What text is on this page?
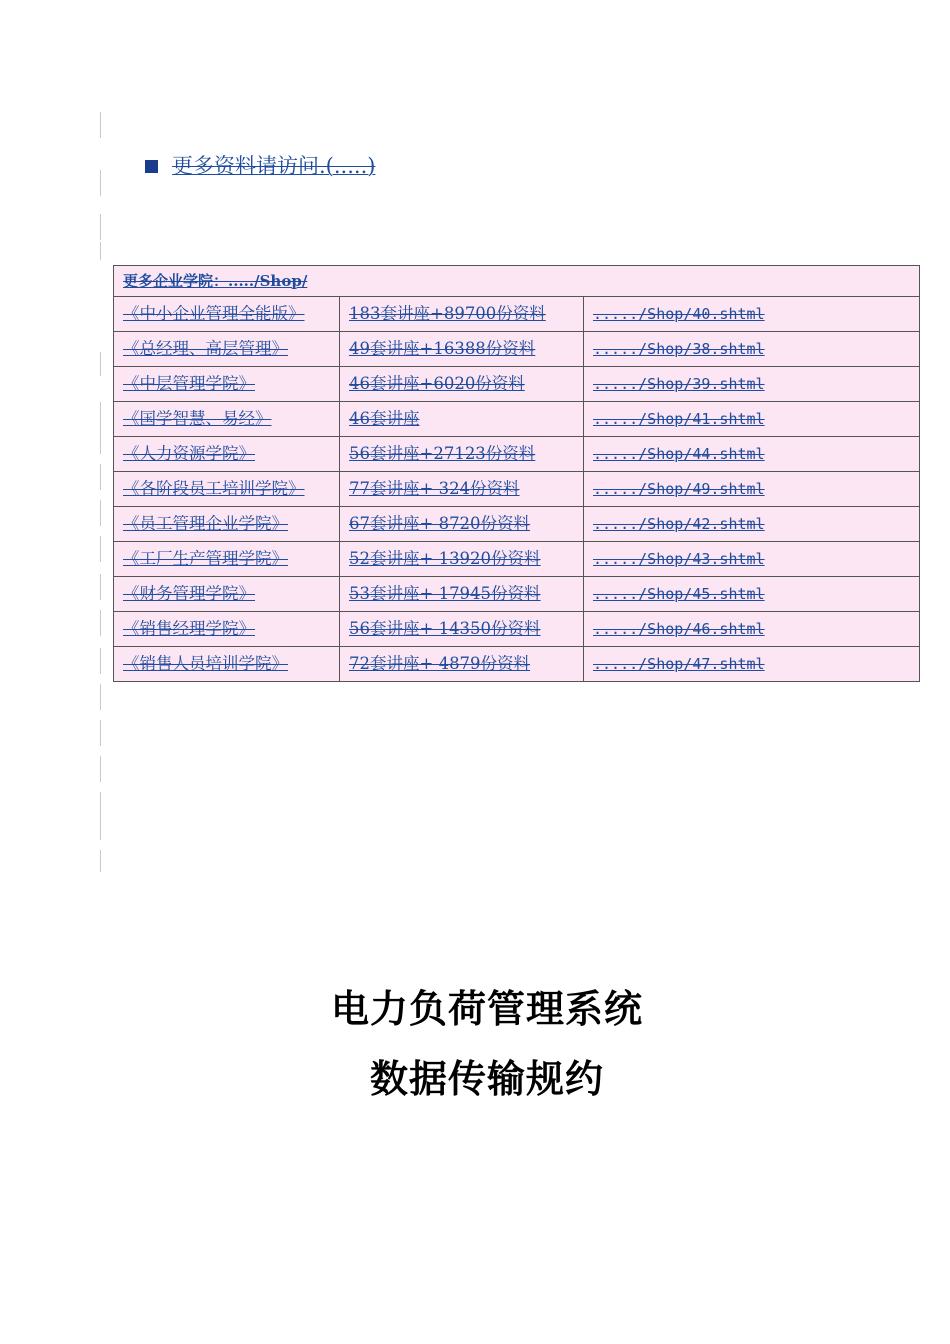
更多资料请访问.(.....)
更多企业学院：...../Shop/		
《中小企业管理全能版》	183套讲座+89700份资料	...../Shop/40.shtml
《总经理、高层管理》	49套讲座+16388份资料	...../Shop/38.shtml
《中层管理学院》	46套讲座+6020份资料	...../Shop/39.shtml
《国学智慧、易经》	46套讲座	...../Shop/41.shtml
《人力资源学院》	56套讲座+27123份资料	...../Shop/44.shtml
《各阶段员工培训学院》	77套讲座+ 324份资料	...../Shop/49.shtml
《员工管理企业学院》	67套讲座+ 8720份资料	...../Shop/42.shtml
《工厂生产管理学院》	52套讲座+ 13920份资料	...../Shop/43.shtml
《财务管理学院》	53套讲座+ 17945份资料	...../Shop/45.shtml
《销售经理学院》	56套讲座+ 14350份资料	...../Shop/46.shtml
《销售人员培训学院》	72套讲座+ 4879份资料	...../Shop/47.shtml
电力负荷管理系统
数据传输规约
